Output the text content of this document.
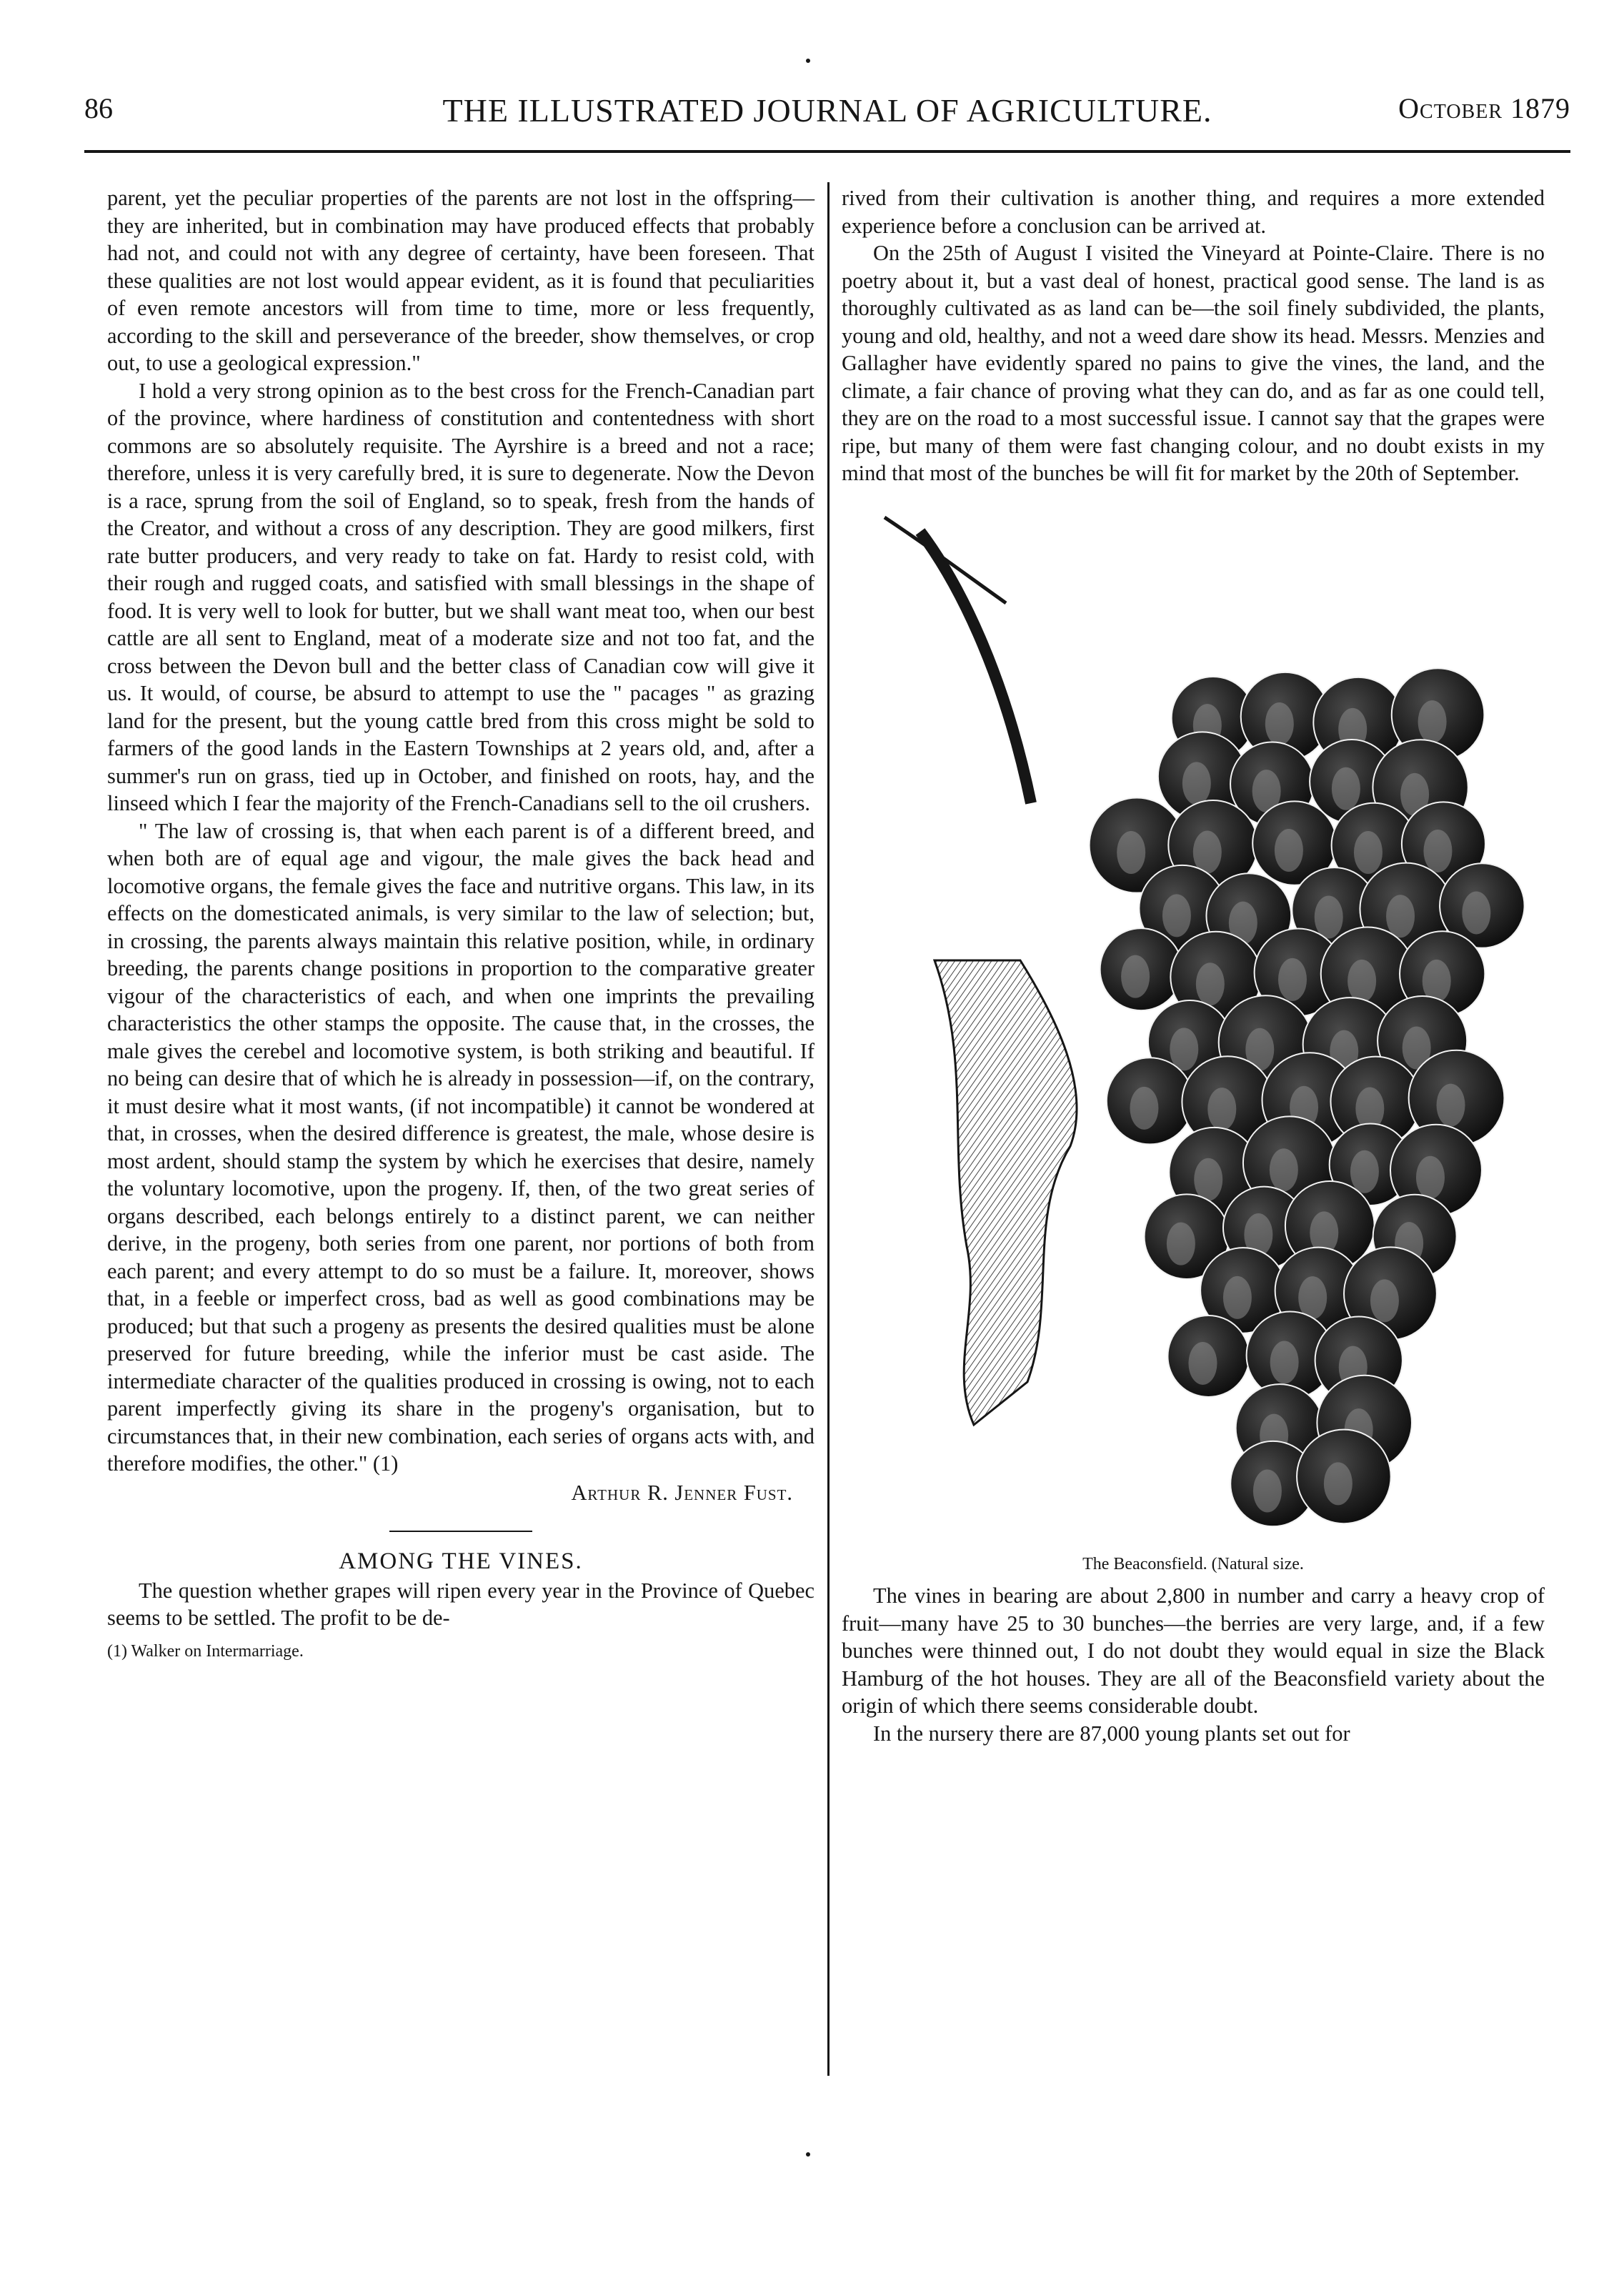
86	THE ILLUSTRATED JOURNAL OF AGRICULTURE.	October 1879

parent, yet the peculiar properties of the parents are not lost in the offspring—they are inherited, but in combination may have produced effects that probably had not, and could not with any degree of certainty, have been foreseen. That these qualities are not lost would appear evident, as it is found that peculiarities of even remote ancestors will from time to time, more or less frequently, according to the skill and perseverance of the breeder, show themselves, or crop out, to use a geological expression."

I hold a very strong opinion as to the best cross for the French-Canadian part of the province, where hardiness of constitution and contentedness with short commons are so absolutely requisite. The Ayrshire is a breed and not a race; therefore, unless it is very carefully bred, it is sure to degenerate. Now the Devon is a race, sprung from the soil of England, so to speak, fresh from the hands of the Creator, and without a cross of any description. They are good milkers, first rate butter producers, and very ready to take on fat. Hardy to resist cold, with their rough and rugged coats, and satisfied with small blessings in the shape of food. It is very well to look for butter, but we shall want meat too, when our best cattle are all sent to England, meat of a moderate size and not too fat, and the cross between the Devon bull and the better class of Canadian cow will give it us. It would, of course, be absurd to attempt to use the " pacages " as grazing land for the present, but the young cattle bred from this cross might be sold to farmers of the good lands in the Eastern Townships at 2 years old, and, after a summer's run on grass, tied up in October, and finished on roots, hay, and the linseed which I fear the majority of the French-Canadians sell to the oil crushers.

" The law of crossing is, that when each parent is of a different breed, and when both are of equal age and vigour, the male gives the back head and locomotive organs, the female gives the face and nutritive organs. This law, in its effects on the domesticated animals, is very similar to the law of selection; but, in crossing, the parents always maintain this relative position, while, in ordinary breeding, the parents change positions in proportion to the comparative greater vigour of the characteristics of each, and when one imprints the prevailing characteristics the other stamps the opposite. The cause that, in the crosses, the male gives the cerebel and locomotive system, is both striking and beautiful. If no being can desire that of which he is already in possession—if, on the contrary, it must desire what it most wants, (if not incompatible) it cannot be wondered at that, in crosses, when the desired difference is greatest, the male, whose desire is most ardent, should stamp the system by which he exercises that desire, namely the voluntary locomotive, upon the progeny. If, then, of the two great series of organs described, each belongs entirely to a distinct parent, we can neither derive, in the progeny, both series from one parent, nor portions of both from each parent; and every attempt to do so must be a failure. It, moreover, shows that, in a feeble or imperfect cross, bad as well as good combinations may be produced; but that such a progeny as presents the desired qualities must be alone preserved for future breeding, while the inferior must be cast aside. The intermediate character of the qualities produced in crossing is owing, not to each parent imperfectly giving its share in the progeny's organisation, but to circumstances that, in their new combination, each series of organs acts with, and therefore modifies, the other." (1)

Arthur R. Jenner Fust.
AMONG THE VINES.

The question whether grapes will ripen every year in the Province of Quebec seems to be settled. The profit to be de-

(1) Walker on Intermarriage.

rived from their cultivation is another thing, and requires a more extended experience before a conclusion can be arrived at.

On the 25th of August I visited the Vineyard at Pointe-Claire. There is no poetry about it, but a vast deal of honest, practical good sense. The land is as thoroughly cultivated as as land can be—the soil finely subdivided, the plants, young and old, healthy, and not a weed dare show its head. Messrs. Menzies and Gallagher have evidently spared no pains to give the vines, the land, and the climate, a fair chance of proving what they can do, and as far as one could tell, they are on the road to a most successful issue. I cannot say that the grapes were ripe, but many of them were fast changing colour, and no doubt exists in my mind that most of the bunches be will fit for market by the 20th of September.

The Beaconsfield. (Natural size.

The vines in bearing are about 2,800 in number and carry a heavy crop of fruit—many have 25 to 30 bunches—the berries are very large, and, if a few bunches were thinned out, I do not doubt they would equal in size the Black Hamburg of the hot houses. They are all of the Beaconsfield variety about the origin of which there seems considerable doubt.

In the nursery there are 87,000 young plants set out for
